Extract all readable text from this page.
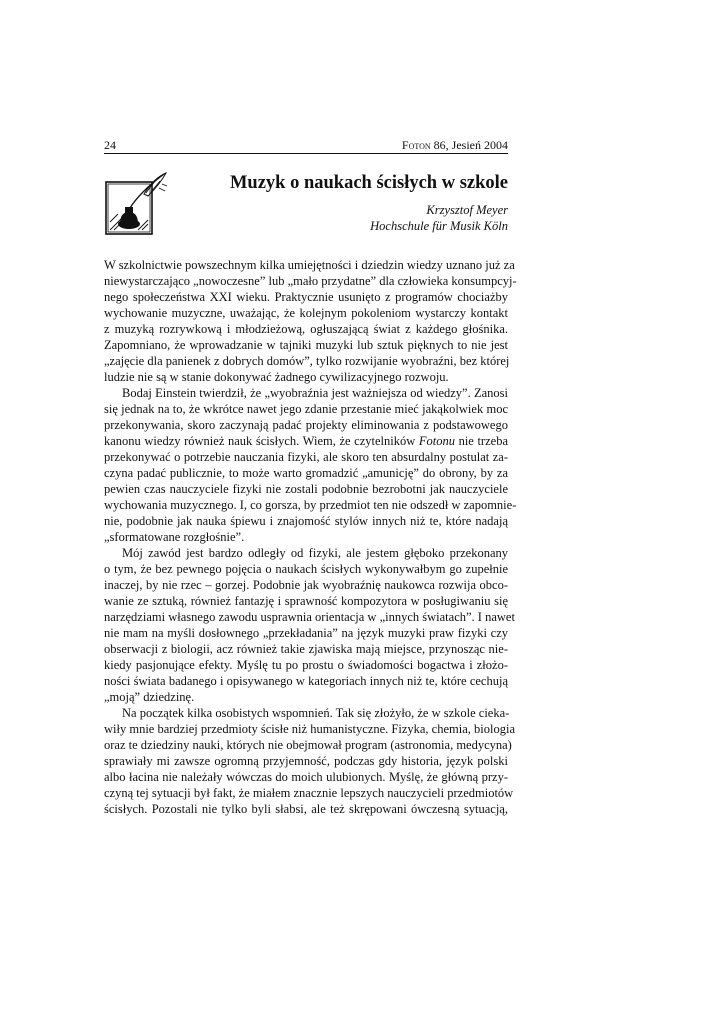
24	Foton 86, Jesień 2004
Muzyk o naukach ścisłych w szkole
Krzysztof Meyer
Hochschule für Musik Köln
W szkolnictwie powszechnym kilka umiejętności i dziedzin wiedzy uznano już za
niewystarczająco „nowoczesne” lub „mało przydatne” dla człowieka konsumpcyj-
nego społeczeństwa XXI wieku. Praktycznie usunięto z programów chociażby
wychowanie muzyczne, uważając, że kolejnym pokoleniom wystarczy kontakt
z muzyką rozrywkową i młodzieżową, ogłuszającą świat z każdego głośnika.
Zapomniano, że wprowadzanie w tajniki muzyki lub sztuk pięknych to nie jest
„zajęcie dla panienek z dobrych domów”, tylko rozwijanie wyobraźni, bez której
ludzie nie są w stanie dokonywać żadnego cywilizacyjnego rozwoju.
Bodaj Einstein twierdził, że „wyobraźnia jest ważniejsza od wiedzy”. Zanosi
się jednak na to, że wkrótce nawet jego zdanie przestanie mieć jakąkolwiek moc
przekonywania, skoro zaczynają padać projekty eliminowania z podstawowego
kanonu wiedzy również nauk ścisłych. Wiem, że czytelników Fotonu nie trzeba
przekonywać o potrzebie nauczania fizyki, ale skoro ten absurdalny postulat za-
czyna padać publicznie, to może warto gromadzić „amunicję” do obrony, by za
pewien czas nauczyciele fizyki nie zostali podobnie bezrobotni jak nauczyciele
wychowania muzycznego. I, co gorsza, by przedmiot ten nie odszedł w zapomnie-
nie, podobnie jak nauka śpiewu i znajomość stylów innych niż te, które nadają
„sformatowane rozgłośnie”.
Mój zawód jest bardzo odległy od fizyki, ale jestem głęboko przekonany
o tym, że bez pewnego pojęcia o naukach ścisłych wykonywałbym go zupełnie
inaczej, by nie rzec – gorzej. Podobnie jak wyobraźnię naukowca rozwija obco-
wanie ze sztuką, również fantazję i sprawność kompozytora w posługiwaniu się
narzędziami własnego zawodu usprawnia orientacja w „innych światach”. I nawet
nie mam na myśli dosłownego „przekładania” na język muzyki praw fizyki czy
obserwacji z biologii, acz również takie zjawiska mają miejsce, przynosząc nie-
kiedy pasjonujące efekty. Myślę tu po prostu o świadomości bogactwa i złożo-
ności świata badanego i opisywanego w kategoriach innych niż te, które cechują
„moją” dziedzinę.
Na początek kilka osobistych wspomnień. Tak się złożyło, że w szkole cieka-
wiły mnie bardziej przedmioty ścisłe niż humanistyczne. Fizyka, chemia, biologia
oraz te dziedziny nauki, których nie obejmował program (astronomia, medycyna)
sprawiały mi zawsze ogromną przyjemność, podczas gdy historia, język polski
albo łacina nie należały wówczas do moich ulubionych. Myślę, że główną przy-
czyną tej sytuacji był fakt, że miałem znacznie lepszych nauczycieli przedmiotów
ścisłych. Pozostali nie tylko byli słabsi, ale też skrępowani ówczesną sytuacją,
